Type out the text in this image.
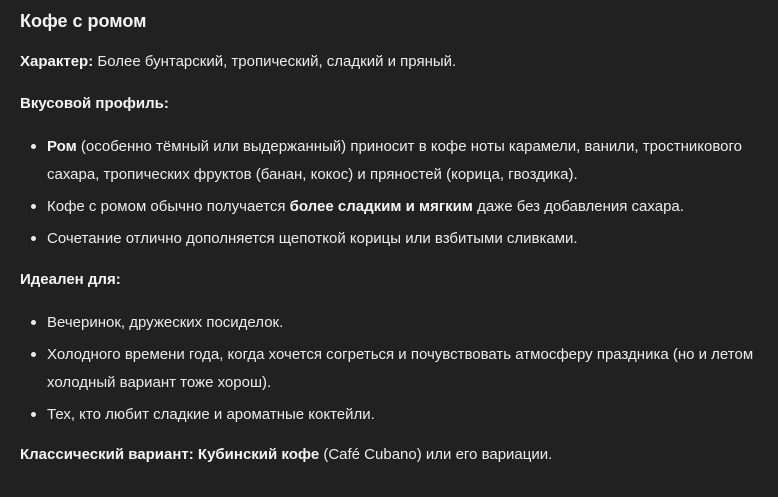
Кофе с ромом

Характер: Более бунтарский, тропический, сладкий и пряный.

Вкусовой профиль:

Ром (особенно тёмный или выдержанный) приносит в кофе ноты карамели, ванили, тростникового сахара, тропических фруктов (банан, кокос) и пряностей (корица, гвоздика).
Кофе с ромом обычно получается более сладким и мягким даже без добавления сахара.
Сочетание отлично дополняется щепоткой корицы или взбитыми сливками.

Идеален для:

Вечеринок, дружеских посиделок.
Холодного времени года, когда хочется согреться и почувствовать атмосферу праздника (но и летом холодный вариант тоже хорош).
Тех, кто любит сладкие и ароматные коктейли.

Классический вариант: Кубинский кофе (Café Cubano) или его вариации.
